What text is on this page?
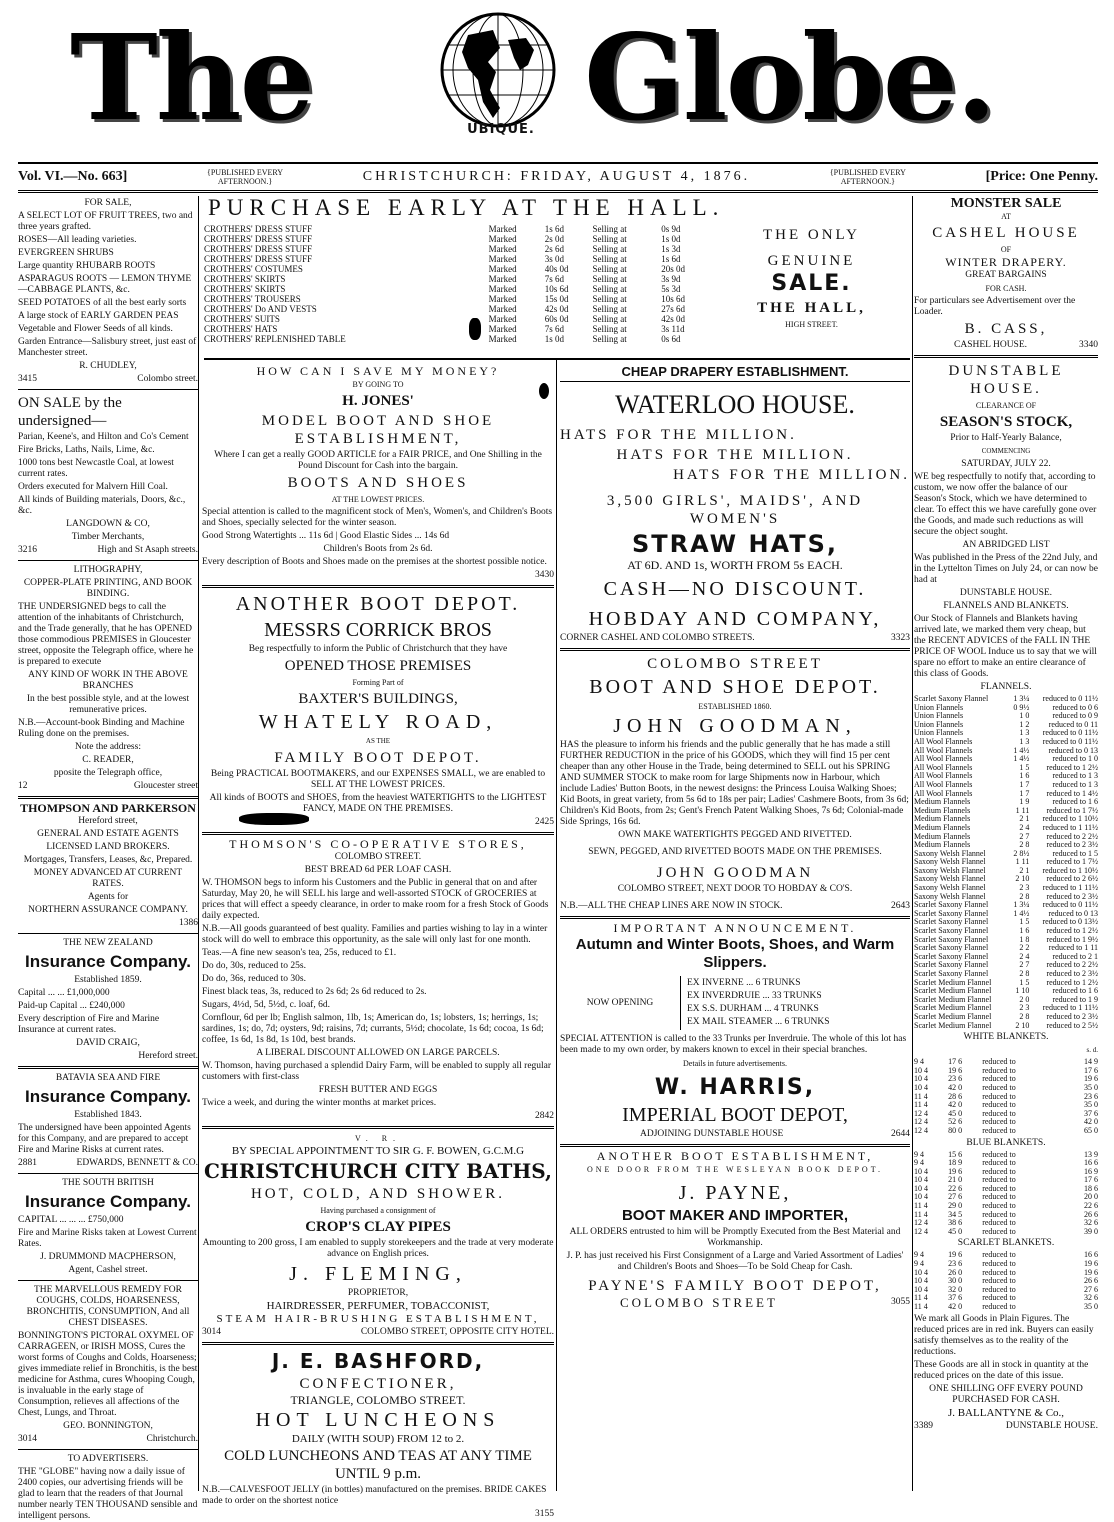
The	UBIQUE. Globe.
Vol. VI.—No. 663]	{PUBLISHED EVERY AFTERNOON.}	CHRISTCHURCH: FRIDAY, AUGUST 4, 1876.	{PUBLISHED EVERY AFTERNOON.}	[Price: One Penny.

FOR SALE,

A SELECT LOT OF FRUIT TREES, two and three years grafted.

ROSES—All leading varieties.

EVERGREEN SHRUBS

Large quantity RHUBARB ROOTS

ASPARAGUS ROOTS — LEMON THYME—CABBAGE PLANTS, &c.

SEED POTATOES of all the best early sorts

A large stock of EARLY GARDEN PEAS

Vegetable and Flower Seeds of all kinds.

Garden Entrance—Salisbury street, just east of Manchester street.

R. CHUDLEY,

3415	Colombo street.

ON SALE by the undersigned—

Parian, Keene's, and Hilton and Co's Cement

Fire Bricks, Laths, Nails, Lime, &c.

1000 tons best Newcastle Coal, at lowest current rates.

Orders executed for Malvern Hill Coal.

All kinds of Building materials, Doors, &c., &c.

LANGDOWN & CO,

Timber Merchants,

3216	High and St Asaph streets.

LITHOGRAPHY,

COPPER-PLATE PRINTING, AND BOOK BINDING.

THE UNDERSIGNED begs to call the attention of the inhabitants of Christchurch, and the Trade generally, that he has OPENED those commodious PREMISES in Gloucester street, opposite the Telegraph office, where he is prepared to execute

ANY KIND OF WORK IN THE ABOVE BRANCHES

In the best possible style, and at the lowest remunerative prices.

N.B.—Account-book Binding and Machine Ruling done on the premises.

Note the address:

C. READER,

pposite the Telegraph office,

12	Gloucester street

THOMPSON AND PARKERSON

Hereford street,

GENERAL AND ESTATE AGENTS

LICENSED LAND BROKERS.

Mortgages, Transfers, Leases, &c, Prepared.

MONEY ADVANCED AT CURRENT RATES.

Agents for

NORTHERN ASSURANCE COMPANY.

1386

THE NEW ZEALAND

Insurance Company.

Established 1859.

Capital ... ... £1,000,000

Paid-up Capital ... £240,000

Every description of Fire and Marine Insurance at current rates.

DAVID CRAIG,

Hereford street.

BATAVIA SEA AND FIRE

Insurance Company.

Established 1843.

The undersigned have been appointed Agents for this Company, and are prepared to accept Fire and Marine Risks at current rates.

2881	EDWARDS, BENNETT & CO.

THE SOUTH BRITISH

Insurance Company.

CAPITAL ... ... ... £750,000

Fire and Marine Risks taken at Lowest Current Rates.

J. DRUMMOND MACPHERSON,

Agent, Cashel street.

THE MARVELLOUS REMEDY FOR COUGHS, COLDS, HOARSENESS, BRONCHITIS, CONSUMPTION, And all CHEST DISEASES.

BONNINGTON'S PICTORAL OXYMEL OF CARRAGEEN, or IRISH MOSS, Cures the worst forms of Coughs and Colds, Hoarseness; gives immediate relief in Bronchitis, is the best medicine for Asthma, cures Whooping Cough, is invaluable in the early stage of Consumption, relieves all affections of the Chest, Lungs, and Throat.

GEO. BONNINGTON,

3014	Christchurch.

TO ADVERTISERS.

THE "GLOBE" having now a daily issue of 2400 copies, our advertising friends will be glad to learn that the readers of that Journal number nearly TEN THOUSAND sensible and intelligent persons.

PURCHASE EARLY AT THE HALL.
CROTHERS' DRESS STUFF	Marked	1s 6d	Selling at	0s 9d
CROTHERS' DRESS STUFF	Marked	2s 0d	Selling at	1s 0d
CROTHERS' DRESS STUFF	Marked	2s 6d	Selling at	1s 3d
CROTHERS' DRESS STUFF	Marked	3s 0d	Selling at	1s 6d
CROTHERS' COSTUMES	Marked	40s 0d	Selling at	20s 0d
CROTHERS' SKIRTS	Marked	7s 6d	Selling at	3s 9d
CROTHERS' SKIRTS	Marked	10s 6d	Selling at	5s 3d
CROTHERS' TROUSERS	Marked	15s 0d	Selling at	10s 6d
CROTHERS' Do AND VESTS	Marked	42s 0d	Selling at	27s 6d
CROTHERS' SUITS	Marked	60s 0d	Selling at	42s 0d
CROTHERS' HATS	Marked	7s 6d	Selling at	3s 11d
CROTHERS' REPLENISHED TABLE	Marked	1s 0d	Selling at	0s 6d

THE ONLY

GENUINE

SALE.

THE HALL,

HIGH STREET.

HOW CAN I SAVE MY MONEY?

BY GOING TO

H. JONES'

MODEL BOOT AND SHOE ESTABLISHMENT,

Where I can get a really GOOD ARTICLE for a FAIR PRICE, and One Shilling in the Pound Discount for Cash into the bargain.

BOOTS AND SHOES

AT THE LOWEST PRICES.

Special attention is called to the magnificent stock of Men's, Women's, and Children's Boots and Shoes, specially selected for the winter season.

Good Strong Watertights ... 11s 6d | Good Elastic Sides ... 14s 6d

Children's Boots from 2s 6d.

Every description of Boots and Shoes made on the premises at the shortest possible notice.

3430

ANOTHER BOOT DEPOT.

MESSRS CORRICK BROS

Beg respectfully to inform the Public of Christchurch that they have

OPENED THOSE PREMISES

Forming Part of

BAXTER'S BUILDINGS,

WHATELY ROAD,

AS THE

FAMILY BOOT DEPOT.

Being PRACTICAL BOOTMAKERS, and our EXPENSES SMALL, we are enabled to SELL AT THE LOWEST PRICES.

All kinds of BOOTS and SHOES, from the heaviest WATERTIGHTS to the LIGHTEST FANCY, MADE ON THE PREMISES.

2425

THOMSON'S CO-OPERATIVE STORES,

COLOMBO STREET.

BEST BREAD 6d PER LOAF CASH.

W. THOMSON begs to inform his Customers and the Public in general that on and after Saturday, May 20, he will SELL his large and well-assorted STOCK of GROCERIES at prices that will effect a speedy clearance, in order to make room for a fresh Stock of Goods daily expected.

N.B.—All goods guaranteed of best quality. Families and parties wishing to lay in a winter stock will do well to embrace this opportunity, as the sale will only last for one month.

Teas.—A fine new season's tea, 25s, reduced to £1.

Do do, 30s, reduced to 25s.

Do do, 36s, reduced to 30s.

Finest black teas, 3s, reduced to 2s 6d; 2s 6d reduced to 2s.

Sugars, 4½d, 5d, 5½d, c. loaf, 6d.

Cornflour, 6d per lb; English salmon, 1lb, 1s; American do, 1s; lobsters, 1s; herrings, 1s; sardines, 1s; do, 7d; oysters, 9d; raisins, 7d; currants, 5½d; chocolate, 1s 6d; cocoa, 1s 6d; coffee, 1s 6d, 1s 8d, 1s 10d, best brands.

A LIBERAL DISCOUNT ALLOWED ON LARGE PARCELS.

W. Thomson, having purchased a splendid Dairy Farm, will be enabled to supply all regular customers with first-class

FRESH BUTTER AND EGGS

Twice a week, and during the winter months at market prices.

2842

V. R.

BY SPECIAL APPOINTMENT TO SIR G. F. BOWEN, G.C.M.G

CHRISTCHURCH CITY BATHS,

HOT, COLD, AND SHOWER.

Having purchased a consignment of

CROP'S CLAY PIPES

Amounting to 200 gross, I am enabled to supply storekeepers and the trade at very moderate advance on English prices.

J. FLEMING,

PROPRIETOR,

HAIRDRESSER, PERFUMER, TOBACCONIST,

STEAM HAIR-BRUSHING ESTABLISHMENT,

3014	COLOMBO STREET, OPPOSITE CITY HOTEL.

J. E. BASHFORD,

CONFECTIONER,

TRIANGLE, COLOMBO STREET.

HOT LUNCHEONS

DAILY (WITH SOUP) FROM 12 to 2.

COLD LUNCHEONS AND TEAS AT ANY TIME UNTIL 9 p.m.

N.B.—CALVESFOOT JELLY (in bottles) manufactured on the premises. BRIDE CAKES made to order on the shortest notice

3155

CHEAP DRAPERY ESTABLISHMENT.

WATERLOO HOUSE.

HATS FOR THE MILLION.

HATS FOR THE MILLION.

HATS FOR THE MILLION.

3,500 GIRLS', MAIDS', AND WOMEN'S

STRAW HATS,

AT 6D. AND 1s, WORTH FROM 5s EACH.

CASH—NO DISCOUNT.

HOBDAY AND COMPANY,

CORNER CASHEL AND COLOMBO STREETS.	3323

COLOMBO STREET

BOOT AND SHOE DEPOT.

ESTABLISHED 1860.

JOHN GOODMAN,

HAS the pleasure to inform his friends and the public generally that he has made a still FURTHER REDUCTION in the price of his GOODS, which they will find 15 per cent cheaper than any other House in the Trade, being determined to SELL out his SPRING AND SUMMER STOCK to make room for large Shipments now in Harbour, which include Ladies' Button Boots, in the newest designs: the Princess Louisa Walking Shoes; Kid Boots, in great variety, from 5s 6d to 18s per pair; Ladies' Cashmere Boots, from 3s 6d; Children's Kid Boots, from 2s; Gent's French Patent Walking Shoes, 7s 6d; Colonial-made Side Springs, 16s 6d.

OWN MAKE WATERTIGHTS PEGGED AND RIVETTED.

SEWN, PEGGED, AND RIVETTED BOOTS MADE ON THE PREMISES.

JOHN GOODMAN

COLOMBO STREET, NEXT DOOR TO HOBDAY & CO'S.

N.B.—ALL THE CHEAP LINES ARE NOW IN STOCK.	2643

IMPORTANT ANNOUNCEMENT.

Autumn and Winter Boots, Shoes, and Warm Slippers.

NOW OPENING

EX INVERNE ... 6 TRUNKS

EX INVERDRUIE ... 33 TRUNKS

EX S.S. DURHAM ... 4 TRUNKS

EX MAIL STEAMER ... 6 TRUNKS

SPECIAL ATTENTION is called to the 33 Trunks per Inverdruie. The whole of this lot has been made to my own order, by makers known to excel in their special branches.

Details in future advertisements.

W. HARRIS,

IMPERIAL BOOT DEPOT,

ADJOINING DUNSTABLE HOUSE	2644

ANOTHER BOOT ESTABLISHMENT,

ONE DOOR FROM THE WESLEYAN BOOK DEPOT.

J. PAYNE,

BOOT MAKER AND IMPORTER,

ALL ORDERS entrusted to him will be Promptly Executed from the Best Material and Workmanship.

J. P. has just received his First Consignment of a Large and Varied Assortment of Ladies' and Children's Boots and Shoes—To be Sold Cheap for Cash.

PAYNE'S FAMILY BOOT DEPOT,

COLOMBO STREET	3055

MONSTER SALE

AT

CASHEL HOUSE

OF

WINTER DRAPERY.

GREAT BARGAINS

FOR CASH.

For particulars see Advertisement over the Loader.

B. CASS,

CASHEL HOUSE.	3340

DUNSTABLE HOUSE.

CLEARANCE OF

SEASON'S STOCK,

Prior to Half-Yearly Balance,

COMMENCING

SATURDAY, JULY 22.

WE beg respectfully to notify that, according to custom, we now offer the balance of our Season's Stock, which we have determined to clear. To effect this we have carefully gone over the Goods, and made such reductions as will secure the object sought.

AN ABRIDGED LIST

Was published in the Press of the 22nd July, and in the Lyttelton Times on July 24, or can now be had at

DUNSTABLE HOUSE.

FLANNELS AND BLANKETS.

Our Stock of Flannels and Blankets having arrived late, we marked them very cheap, but the RECENT ADVICES of the FALL IN THE PRICE OF WOOL Induce us to say that we will spare no effort to make an entire clearance of this class of Goods.

FLANNELS.

Scarlet Saxony Flannel	1 3¼	reduced to 0 11½
Union Flannels	0 9½	reduced to 0 6
Union Flannels	1 0	reduced to 0 9
Union Flannels	1 2	reduced to 0 11
Union Flannels	1 3	reduced to 0 11½
All Wool Flannels	1 3	reduced to 0 11½
All Wool Flannels	1 4½	reduced to 0 13
All Wool Flannels	1 4½	reduced to 1 0
All Wool Flannels	1 5	reduced to 1 2½
All Wool Flannels	1 6	reduced to 1 3
All Wool Flannels	1 7	reduced to 1 3
All Wool Flannels	1 7	reduced to 1 4½
Medium Flannels	1 9	reduced to 1 6
Medium Flannels	1 11	reduced to 1 7½
Medium Flannels	2 1	reduced to 1 10½
Medium Flannels	2 4	reduced to 1 11½
Medium Flannels	2 7	reduced to 2 2½
Medium Flannels	2 8	reduced to 2 3½
Saxony Welsh Flannel	2 8½	reduced to 1 5
Saxony Welsh Flannel	1 11	reduced to 1 7½
Saxony Welsh Flannel	2 1	reduced to 1 10½
Saxony Welsh Flannel	2 10	reduced to 2 6½
Saxony Welsh Flannel	2 3	reduced to 1 11½
Saxony Welsh Flannel	2 8	reduced to 2 3½
Scarlet Saxony Flannel	1 3¼	reduced to 0 11½
Scarlet Saxony Flannel	1 4½	reduced to 0 13
Scarlet Saxony Flannel	1 5	reduced to 0 13½
Scarlet Saxony Flannel	1 6	reduced to 1 2½
Scarlet Saxony Flannel	1 8	reduced to 1 9½
Scarlet Saxony Flannel	2 2	reduced to 1 11
Scarlet Saxony Flannel	2 4	reduced to 2 1
Scarlet Saxony Flannel	2 7	reduced to 2 2½
Scarlet Saxony Flannel	2 8	reduced to 2 3½
Scarlet Medium Flannel	1 5	reduced to 1 2½
Scarlet Medium Flannel	1 10	reduced to 1 6
Scarlet Medium Flannel	2 0	reduced to 1 9
Scarlet Medium Flannel	2 3	reduced to 1 11½
Scarlet Medium Flannel	2 8	reduced to 2 3½
Scarlet Medium Flannel	2 10	reduced to 2 5½

WHITE BLANKETS.

s. d.

9 4	17 6	reduced to	14 9
10 4	19 6	reduced to	17 6
10 4	23 6	reduced to	19 6
10 4	42 0	reduced to	35 0
11 4	28 6	reduced to	23 6
11 4	42 0	reduced to	35 0
12 4	45 0	reduced to	37 6
12 4	52 6	reduced to	42 0
12 4	80 0	reduced to	65 0

BLUE BLANKETS.

9 4	15 6	reduced to	13 9
9 4	18 9	reduced to	16 6
10 4	19 6	reduced to	16 9
10 4	21 0	reduced to	17 6
10 4	22 6	reduced to	18 6
10 4	27 6	reduced to	20 0
11 4	29 0	reduced to	22 6
11 4	34 5	reduced to	26 6
12 4	38 6	reduced to	32 6
12 4	45 0	reduced to	39 0

SCARLET BLANKETS.

9 4	19 6	reduced to	16 6
9 4	23 6	reduced to	19 6
10 4	26 0	reduced to	19 6
10 4	30 0	reduced to	26 6
10 4	32 0	reduced to	27 6
11 4	37 6	reduced to	32 6
11 4	42 0	reduced to	35 0

We mark all Goods in Plain Figures. The reduced prices are in red ink. Buyers can easily satisfy themselves as to the reality of the reductions.

These Goods are all in stock in quantity at the reduced prices on the date of this issue.

ONE SHILLING OFF EVERY POUND PURCHASED FOR CASH.

J. BALLANTYNE & Co.,

3389	DUNSTABLE HOUSE.
